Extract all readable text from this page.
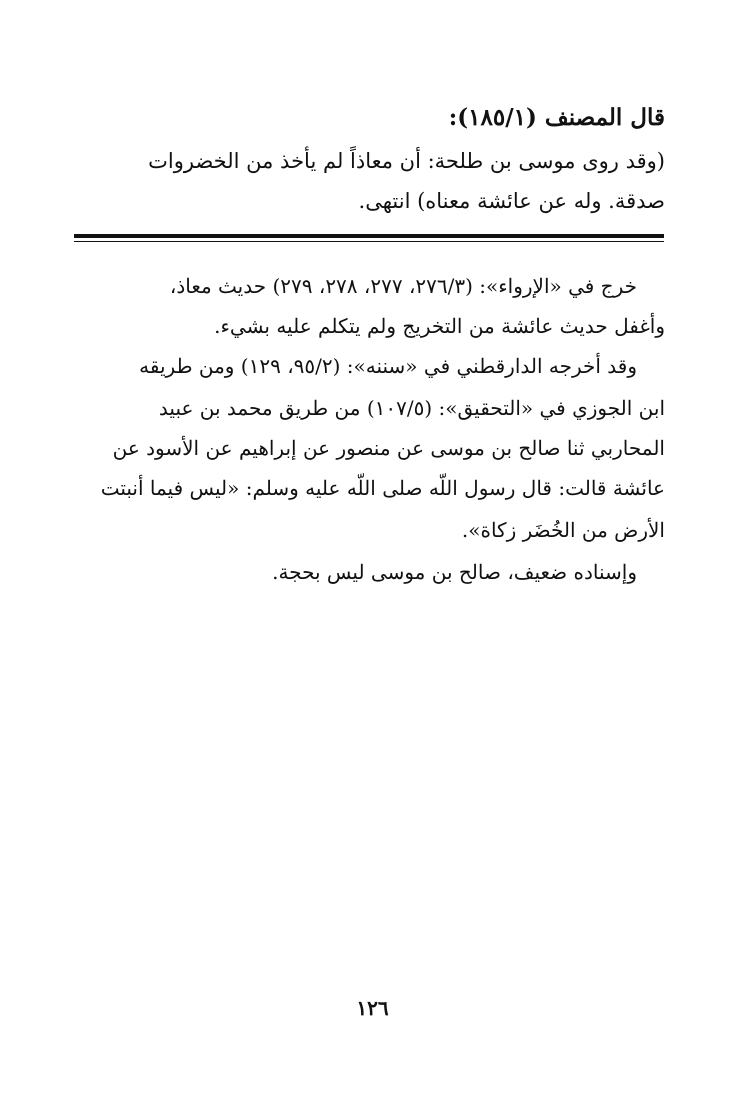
قال المصنف (١٨٥/١):
(وقد روى موسى بن طلحة: أن معاذاً لم يأخذ من الخضروات
صدقة. وله عن عائشة معناه) انتهى.
خرج في «الإرواء»: (٢٧٦/٣، ٢٧٧، ٢٧٨، ٢٧٩) حديث معاذ،
وأغفل حديث عائشة من التخريج ولم يتكلم عليه بشيء.
وقد أخرجه الدارقطني في «سننه»: (٩٥/٢، ١٢٩) ومن طريقه
ابن الجوزي في «التحقيق»: (١٠٧/٥) من طريق محمد بن عبيد
المحاربي ثنا صالح بن موسى عن منصور عن إبراهيم عن الأسود عن
عائشة قالت: قال رسول اللّه صلى اللّه عليه وسلم: «ليس فيما أنبتت
الأرض من الخُضَر زكاة».
وإسناده ضعيف، صالح بن موسى ليس بحجة.
١٢٦
